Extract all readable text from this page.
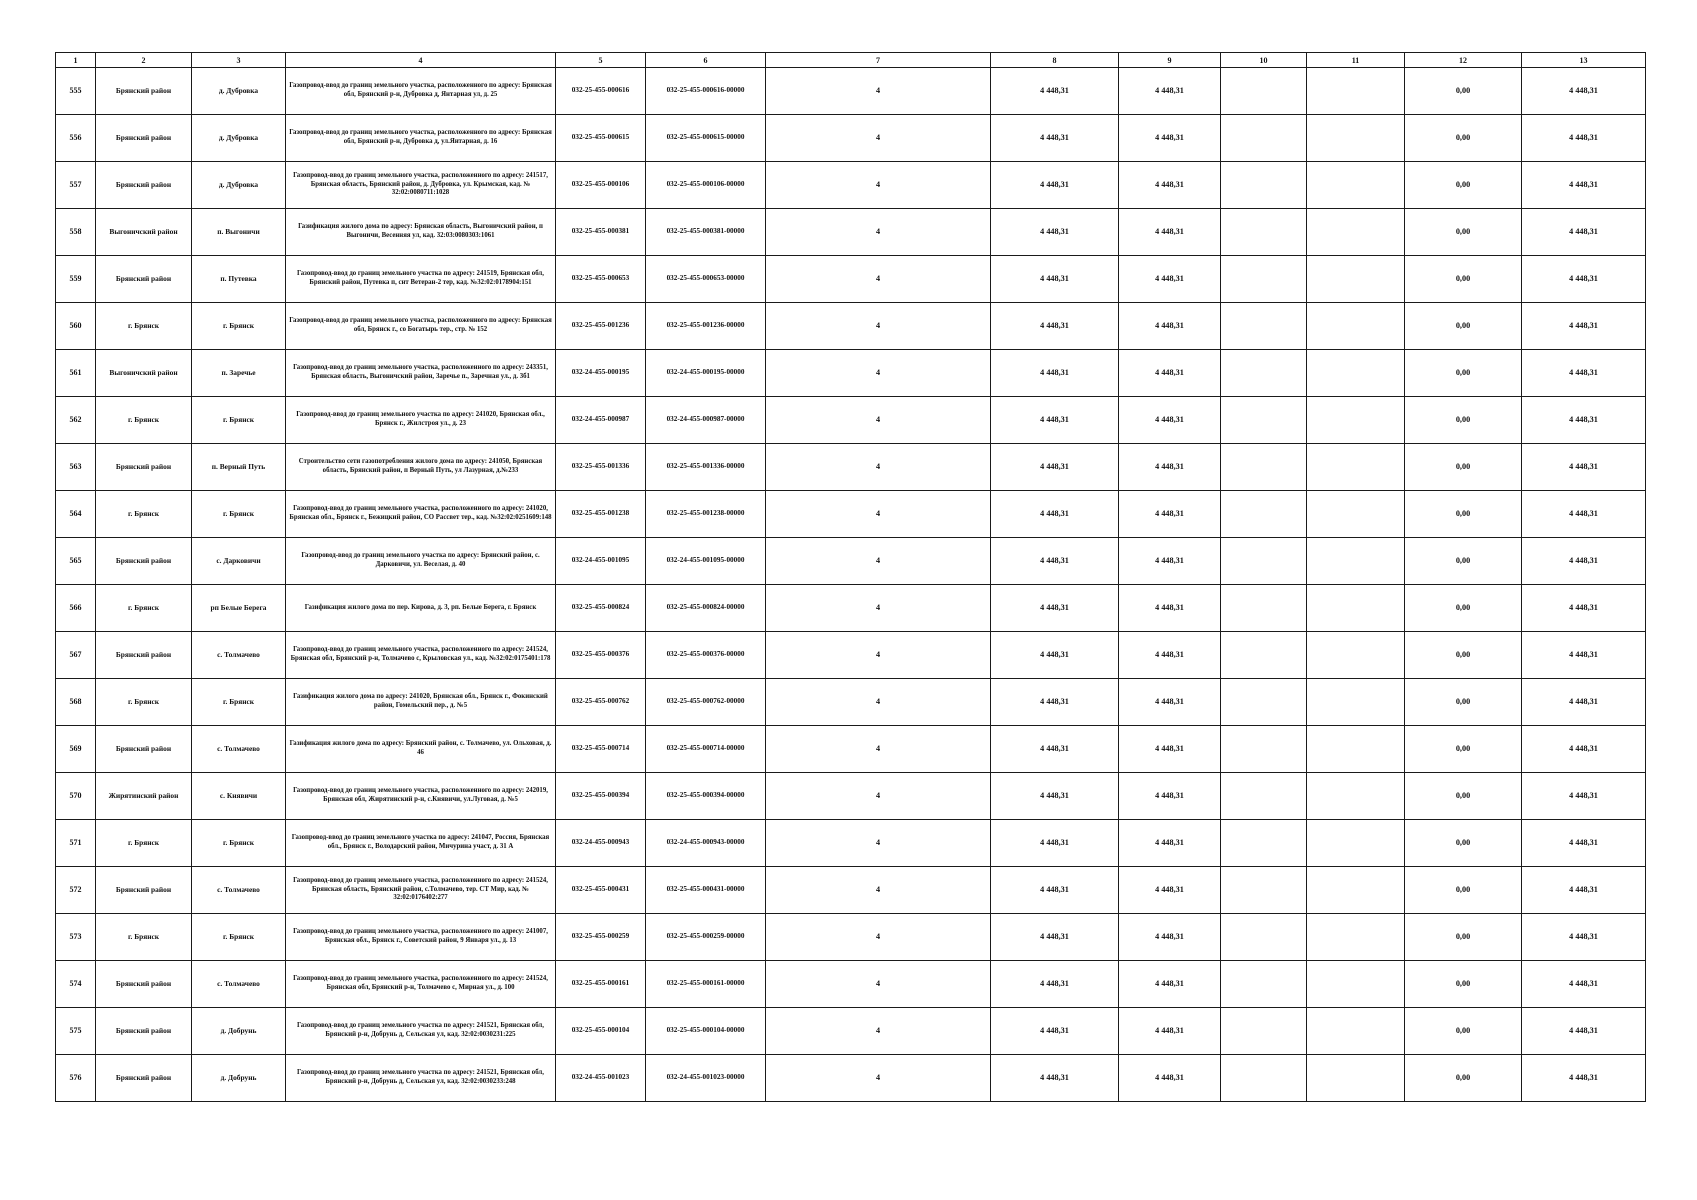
1	2	3	4	5	6	7	8	9	10	11	12	13
555	Брянский район	д. Дубровка	Газопровод-ввод до границ земельного участка, расположенного по адресу: Брянская обл, Брянский р-н, Дубровка д, Янтарная ул, д. 25	032-25-455-000616	032-25-455-000616-00000	4	4 448,31	4 448,31			0,00	4 448,31
556	Брянский район	д. Дубровка	Газопровод-ввод до границ земельного участка, расположенного по адресу: Брянская обл, Брянский р-н, Дубровка д, ул.Янтарная, д. 16	032-25-455-000615	032-25-455-000615-00000	4	4 448,31	4 448,31			0,00	4 448,31
557	Брянский район	д. Дубровка	Газопровод-ввод до границ земельного участка, расположенного по адресу: 241517, Брянская область, Брянский район, д. Дубровка, ул. Крымская, кад. № 32:02:0080711:1028	032-25-455-000106	032-25-455-000106-00000	4	4 448,31	4 448,31			0,00	4 448,31
558	Выгоничский район	п. Выгоничи	Газификация жилого дома по адресу: Брянская область, Выгоничский район, п Выгоничи, Весенняя ул, кад. 32:03:0080303:1061	032-25-455-000381	032-25-455-000381-00000	4	4 448,31	4 448,31			0,00	4 448,31
559	Брянский район	п. Путевка	Газопровод-ввод до границ земельного участка по адресу: 241519, Брянская обл, Брянский район, Путевка п, снт Ветеран-2 тер, кад. №32:02:0178904:151	032-25-455-000653	032-25-455-000653-00000	4	4 448,31	4 448,31			0,00	4 448,31
560	г. Брянск	г. Брянск	Газопровод-ввод до границ земельного участка, расположенного по адресу: Брянская обл, Брянск г., со Богатырь тер., стр. № 152	032-25-455-001236	032-25-455-001236-00000	4	4 448,31	4 448,31			0,00	4 448,31
561	Выгоничский район	п. Заречье	Газопровод-ввод до границ земельного участка, расположенного по адресу: 243351, Брянская область, Выгоничский район, Заречье п., Заречная ул., д. 3б1	032-24-455-000195	032-24-455-000195-00000	4	4 448,31	4 448,31			0,00	4 448,31
562	г. Брянск	г. Брянск	Газопровод-ввод до границ земельного участка по адресу: 241020, Брянская обл., Брянск г., Жилстроя ул., д. 23	032-24-455-000987	032-24-455-000987-00000	4	4 448,31	4 448,31			0,00	4 448,31
563	Брянский район	п. Верный Путь	Строительство сети газопотребления жилого дома по адресу: 241050, Брянская область, Брянский район, п Верный Путь, ул Лазурная, д.№233	032-25-455-001336	032-25-455-001336-00000	4	4 448,31	4 448,31			0,00	4 448,31
564	г. Брянск	г. Брянск	Газопровод-ввод до границ земельного участка, расположенного по адресу: 241020, Брянская обл., Брянск г., Бежицкий район, СО Рассвет тер., кад. №32:02:0251609:148	032-25-455-001238	032-25-455-001238-00000	4	4 448,31	4 448,31			0,00	4 448,31
565	Брянский район	с. Дарковичи	Газопровод-ввод до границ земельного участка по адресу: Брянский район, с. Дарковичи, ул. Веселая, д. 40	032-24-455-001095	032-24-455-001095-00000	4	4 448,31	4 448,31			0,00	4 448,31
566	г. Брянск	рп Белые Берега	Газификация жилого дома по пер. Кирова, д. 3, рп. Белые Берега, г. Брянск	032-25-455-000824	032-25-455-000824-00000	4	4 448,31	4 448,31			0,00	4 448,31
567	Брянский район	с. Толмачево	Газопровод-ввод до границ земельного участка, расположенного по адресу: 241524, Брянская обл, Брянский р-н, Толмачево с, Крыловская ул., кад. №32:02:0175401:178	032-25-455-000376	032-25-455-000376-00000	4	4 448,31	4 448,31			0,00	4 448,31
568	г. Брянск	г. Брянск	Газификация жилого дома по адресу: 241020, Брянская обл., Брянск г., Фокинский район, Гомельский пер., д. №5	032-25-455-000762	032-25-455-000762-00000	4	4 448,31	4 448,31			0,00	4 448,31
569	Брянский район	с. Толмачево	Газификация жилого дома по адресу: Брянский район, с. Толмачево, ул. Ольховая, д. 46	032-25-455-000714	032-25-455-000714-00000	4	4 448,31	4 448,31			0,00	4 448,31
570	Жирятинский район	с. Княвичи	Газопровод-ввод до границ земельного участка, расположенного по адресу: 242019, Брянская обл, Жирятинский р-н, с.Княвичи, ул.Луговая, д. №5	032-25-455-000394	032-25-455-000394-00000	4	4 448,31	4 448,31			0,00	4 448,31
571	г. Брянск	г. Брянск	Газопровод-ввод до границ земельного участка по адресу: 241047, Россия, Брянская обл., Брянск г., Володарский район, Мичурина участ, д. 31 А	032-24-455-000943	032-24-455-000943-00000	4	4 448,31	4 448,31			0,00	4 448,31
572	Брянский район	с. Толмачево	Газопровод-ввод до границ земельного участка, расположенного по адресу: 241524, Брянская область, Брянский район, с.Толмачево, тер. СТ Мир, кад. № 32:02:0176402:277	032-25-455-000431	032-25-455-000431-00000	4	4 448,31	4 448,31			0,00	4 448,31
573	г. Брянск	г. Брянск	Газопровод-ввод до границ земельного участка, расположенного по адресу: 241007, Брянская обл., Брянск г., Советский район, 9 Января ул., д. 13	032-25-455-000259	032-25-455-000259-00000	4	4 448,31	4 448,31			0,00	4 448,31
574	Брянский район	с. Толмачево	Газопровод-ввод до границ земельного участка, расположенного по адресу: 241524, Брянская обл, Брянский р-н, Толмачево с, Мирная ул., д. 100	032-25-455-000161	032-25-455-000161-00000	4	4 448,31	4 448,31			0,00	4 448,31
575	Брянский район	д. Добрунь	Газопровод-ввод до границ земельного участка по адресу: 241521, Брянская обл, Брянский р-н, Добрунь д, Сельская ул, кад. 32:02:0030231:225	032-25-455-000104	032-25-455-000104-00000	4	4 448,31	4 448,31			0,00	4 448,31
576	Брянский район	д. Добрунь	Газопровод-ввод до границ земельного участка по адресу: 241521, Брянская обл, Брянский р-н, Добрунь д, Сельская ул, кад. 32:02:0030233:248	032-24-455-001023	032-24-455-001023-00000	4	4 448,31	4 448,31			0,00	4 448,31
